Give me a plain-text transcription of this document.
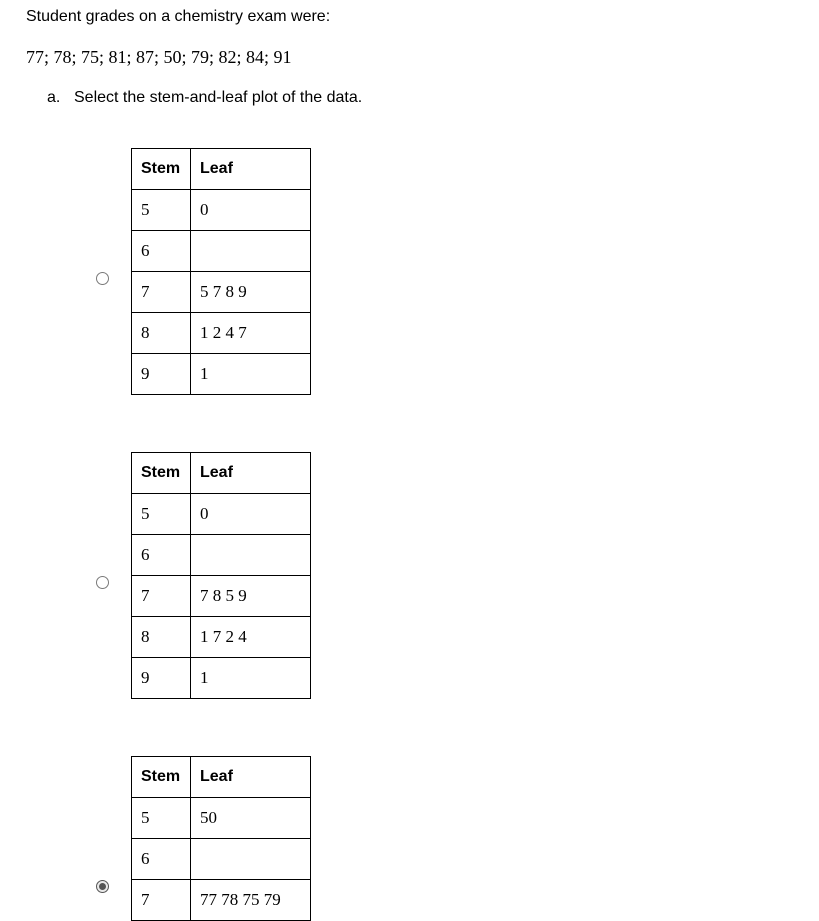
Student grades on a chemistry exam were:
77; 78; 75; 81; 87; 50; 79; 82; 84; 91
a. Select the stem-and-leaf plot of the data.
Stem	Leaf
5	0
6	
7	5 7 8 9
8	1 2 4 7
9	1
Stem	Leaf
5	0
6	
7	7 8 5 9
8	1 7 2 4
9	1
Stem	Leaf
5	50
6	
7	77 78 75 79
